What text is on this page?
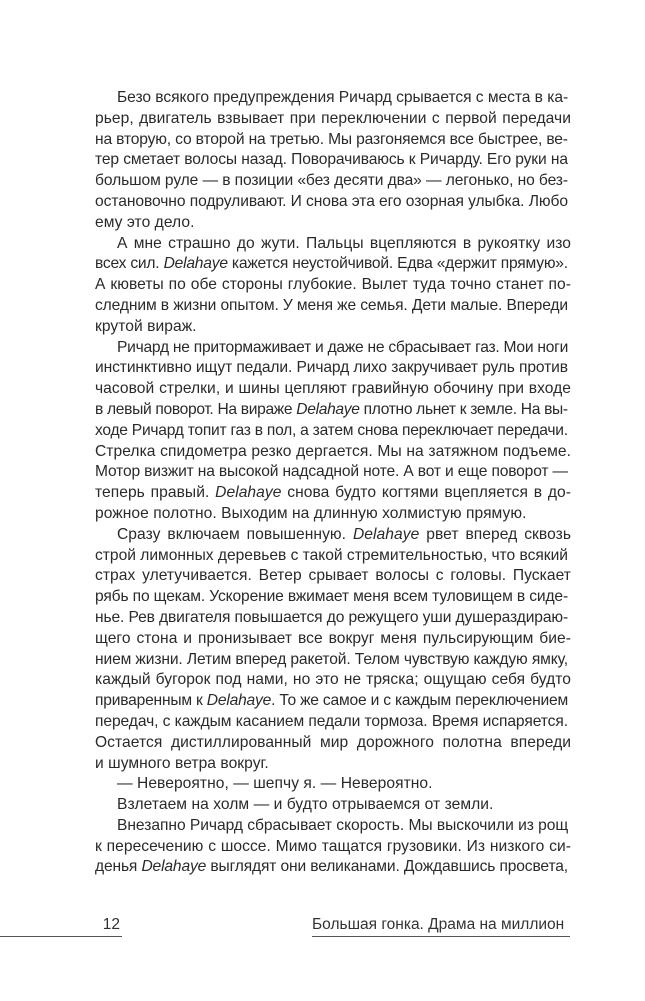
Безо всякого предупреждения Ричард срывается с места в ка-
рьер, двигатель взвывает при переключении с первой передачи
на вторую, со второй на третью. Мы разгоняемся все быстрее, ве-
тер сметает волосы назад. Поворачиваюсь к Ричарду. Его руки на
большом руле — в позиции «без десяти два» — легонько, но без-
остановочно подруливают. И снова эта его озорная улыбка. Любо
ему это дело.
А мне страшно до жути. Пальцы вцепляются в рукоятку изо
всех сил. Delahaye кажется неустойчивой. Едва «держит прямую».
А кюветы по обе стороны глубокие. Вылет туда точно станет по-
следним в жизни опытом. У меня же семья. Дети малые. Впереди
крутой вираж.
Ричард не притормаживает и даже не сбрасывает газ. Мои ноги
инстинктивно ищут педали. Ричард лихо закручивает руль против
часовой стрелки, и шины цепляют гравийную обочину при входе
в левый поворот. На вираже Delahaye плотно льнет к земле. На вы-
ходе Ричард топит газ в пол, а затем снова переключает передачи.
Стрелка спидометра резко дергается. Мы на затяжном подъеме.
Мотор визжит на высокой надсадной ноте. А вот и еще поворот —
теперь правый. Delahaye снова будто когтями вцепляется в до-
рожное полотно. Выходим на длинную холмистую прямую.
Сразу включаем повышенную. Delahaye рвет вперед сквозь
строй лимонных деревьев с такой стремительностью, что всякий
страх улетучивается. Ветер срывает волосы с головы. Пускает
рябь по щекам. Ускорение вжимает меня всем туловищем в сиде-
нье. Рев двигателя повышается до режущего уши душераздираю-
щего стона и пронизывает все вокруг меня пульсирующим бие-
нием жизни. Летим вперед ракетой. Телом чувствую каждую ямку,
каждый бугорок под нами, но это не тряска; ощущаю себя будто
приваренным к Delahaye. То же самое и с каждым переключением
передач, с каждым касанием педали тормоза. Время испаряется.
Остается дистиллированный мир дорожного полотна впереди
и шумного ветра вокруг.
— Невероятно, — шепчу я. — Невероятно.
Взлетаем на холм — и будто отрываемся от земли.
Внезапно Ричард сбрасывает скорость. Мы выскочили из рощ
к пересечению с шоссе. Мимо тащатся грузовики. Из низкого си-
денья Delahaye выглядят они великанами. Дождавшись просвета,
12	Большая гонка. Драма на миллион
